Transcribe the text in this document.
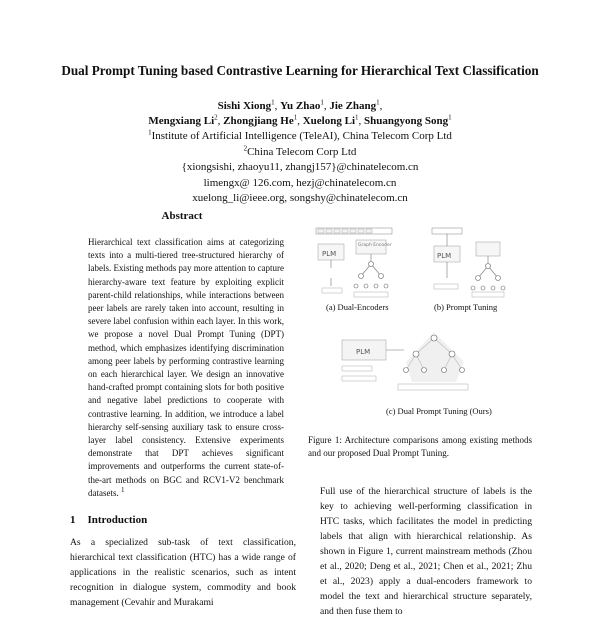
Dual Prompt Tuning based Contrastive Learning for Hierarchical Text Classification
Sishi Xiong$^1$, Yu Zhao$^1$, Jie Zhang$^1$,
Mengxiang Li$^2$, Zhongjiang He$^1$, Xuelong Li$^1$, Shuangyong Song$^1$
$^1$Institute of Artificial Intelligence (TeleAI), China Telecom Corp Ltd
$^2$China Telecom Corp Ltd
{xiongsishi, zhaoyu11, zhangj157}@chinatelecom.cn
limengx@ 126.com, hezj@chinatelecom.cn
xuelong_li@ieee.org, songshy@chinatelecom.cn
Abstract
Hierarchical text classification aims at categorizing texts into a multi-tiered tree-structured hierarchy of labels. Existing methods pay more attention to capture hierarchy-aware text feature by exploiting explicit parent-child relationships, while interactions between peer labels are rarely taken into account, resulting in severe label confusion within each layer. In this work, we propose a novel Dual Prompt Tuning (DPT) method, which emphasizes identifying discrimination among peer labels by performing contrastive learning on each hierarchical layer. We design an innovative hand-crafted prompt containing slots for both positive and negative label predictions to cooperate with contrastive learning. In addition, we introduce a label hierarchy self-sensing auxiliary task to ensure cross-layer label consistency. Extensive experiments demonstrate that DPT achieves significant improvements and outperforms the current state-of-the-art methods on BGC and RCV1-V2 benchmark datasets. $^1$
1 Introduction
As a specialized sub-task of text classification, hierarchical text classification (HTC) has a wide range of applications in the realistic scenarios, such as intent recognition in dialogue system, commodity and book management (Cevahir and Murakami
PLM
Graph Encoder
PLM
(a) Dual-Encoders	(b) Prompt Tuning
PLM
(c) Dual Prompt Tuning (Ours)
Figure 1: Architecture comparisons among existing methods and our proposed Dual Prompt Tuning.
Full use of the hierarchical structure of labels is the key to achieving well-performing classification in HTC tasks, which facilitates the model in predicting labels that align with hierarchical relationship. As shown in Figure 1, current mainstream methods (Zhou et al., 2020; Deng et al., 2021; Chen et al., 2021; Zhu et al., 2023) apply a dual-encoders framework to model the text and hierarchical structure separately, and then fuse them to
